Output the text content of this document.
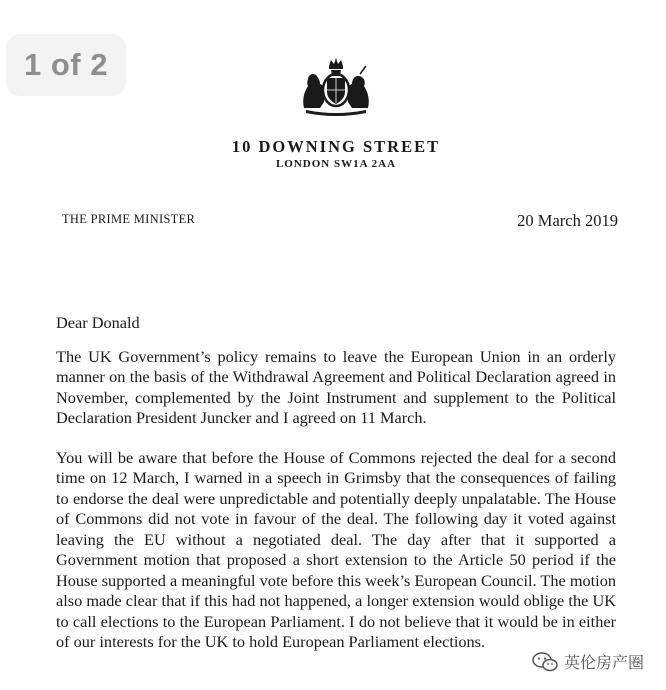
1 of 2
10 DOWNING STREET
LONDON SW1A 2AA
THE PRIME MINISTER	20 March 2019

Dear Donald

The UK Government’s policy remains to leave the European Union in an orderly manner on the basis of the Withdrawal Agreement and Political Declaration agreed in November, complemented by the Joint Instrument and supplement to the Political Declaration President Juncker and I agreed on 11 March.

You will be aware that before the House of Commons rejected the deal for a second time on 12 March, I warned in a speech in Grimsby that the consequences of failing to endorse the deal were unpredictable and potentially deeply unpalatable. The House of Commons did not vote in favour of the deal. The following day it voted against leaving the EU without a negotiated deal. The day after that it supported a Government motion that proposed a short extension to the Article 50 period if the House supported a meaningful vote before this week’s European Council. The motion also made clear that if this had not happened, a longer extension would oblige the UK to call elections to the European Parliament. I do not believe that it would be in either of our interests for the UK to hold European Parliament elections.

英伦房产圈
